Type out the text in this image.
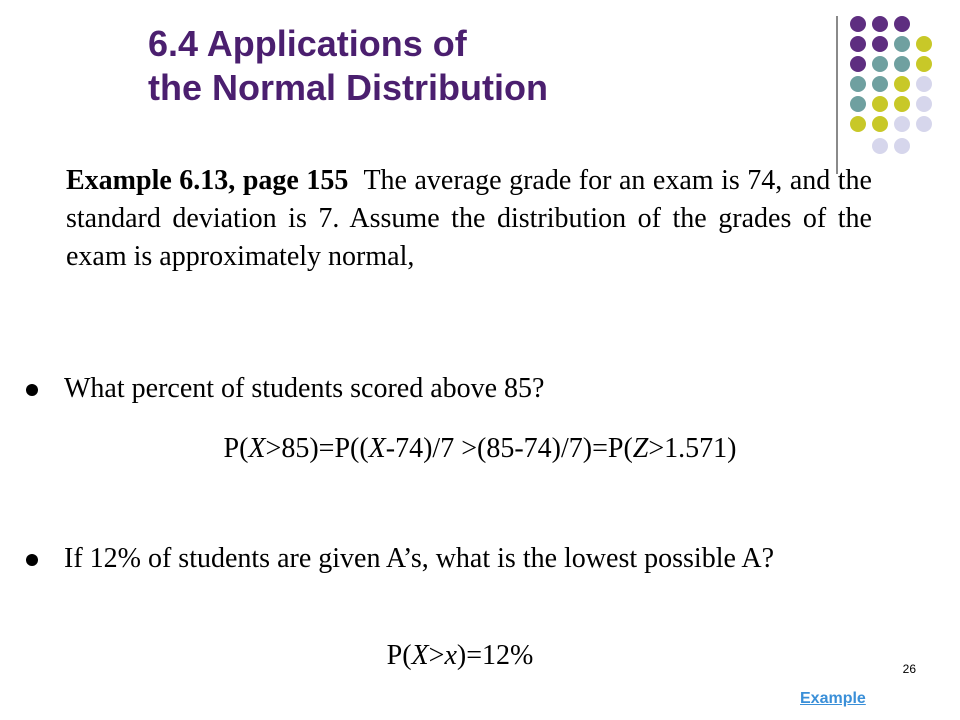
6.4 Applications of
the Normal Distribution

Example 6.13, page 155 The average grade for an exam is 74, and the standard deviation is 7. Assume the distribution of the grades of the exam is approximately normal,

What percent of students scored above 85?

P(X>85)=P((X-74)/7 >(85-74)/7)=P(Z>1.571)

If 12% of students are given A’s, what is the lowest possible A?

P(X>x)=12%	26
Example
